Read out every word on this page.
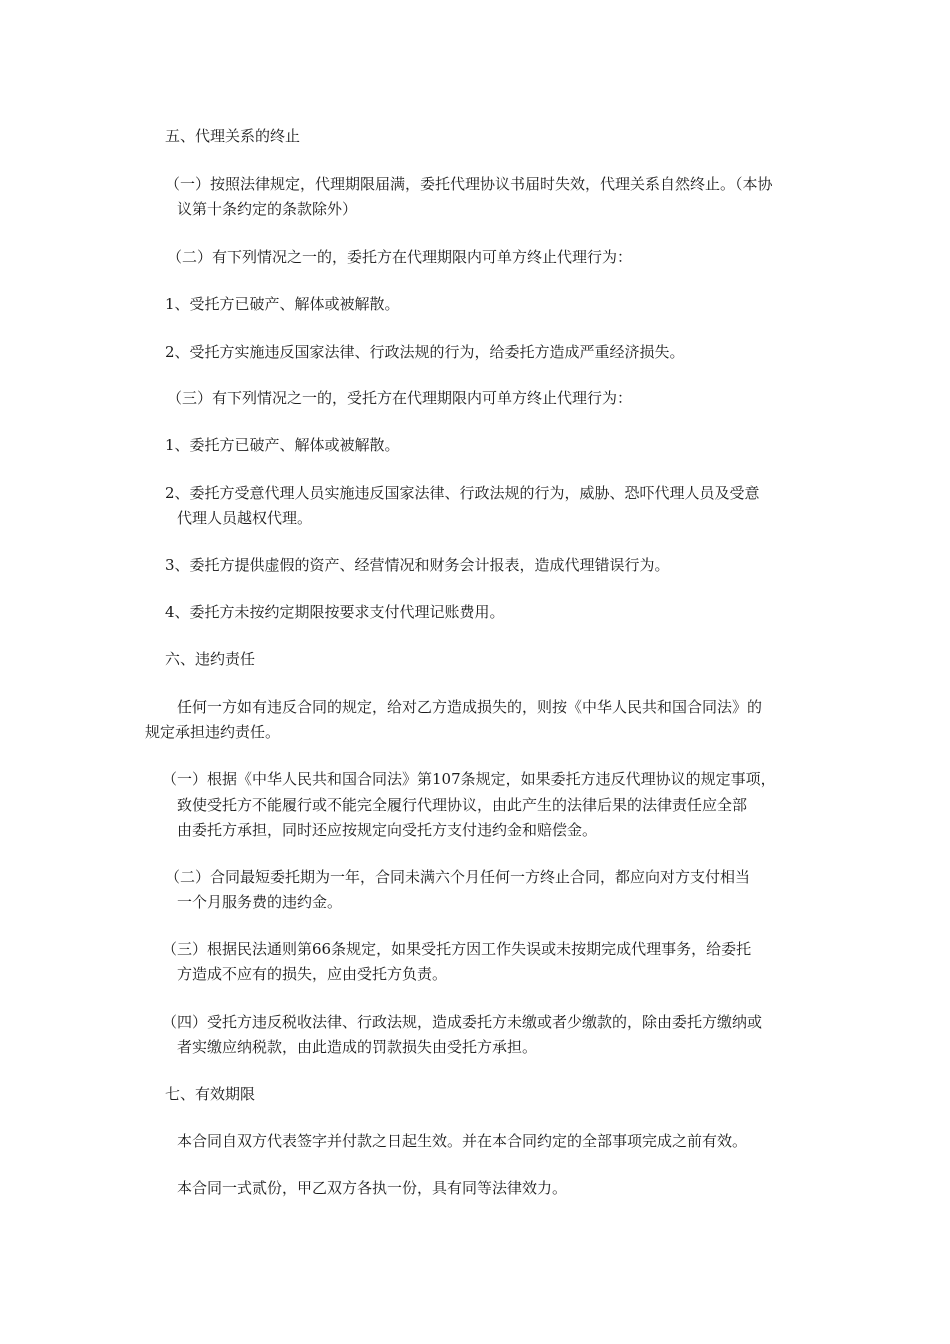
五、代理关系的终止
（一）按照法律规定，代理期限届满，委托代理协议书届时失效，代理关系自然终止。（本协
议第十条约定的条款除外）
（二）有下列情况之一的，委托方在代理期限内可单方终止代理行为：
1、受托方已破产、解体或被解散。
2、受托方实施违反国家法律、行政法规的行为，给委托方造成严重经济损失。
（三）有下列情况之一的，受托方在代理期限内可单方终止代理行为：
1、委托方已破产、解体或被解散。
2、委托方受意代理人员实施违反国家法律、行政法规的行为，威胁、恐吓代理人员及受意
代理人员越权代理。
3、委托方提供虚假的资产、经营情况和财务会计报表，造成代理错误行为。
4、委托方未按约定期限按要求支付代理记账费用。
六、违约责任
任何一方如有违反合同的规定，给对乙方造成损失的，则按《中华人民共和国合同法》的
规定承担违约责任。
（一）根据《中华人民共和国合同法》第107条规定，如果委托方违反代理协议的规定事项，
致使受托方不能履行或不能完全履行代理协议，由此产生的法律后果的法律责任应全部
由委托方承担，同时还应按规定向受托方支付违约金和赔偿金。
（二）合同最短委托期为一年，合同未满六个月任何一方终止合同，都应向对方支付相当
一个月服务费的违约金。
（三）根据民法通则第66条规定，如果受托方因工作失误或未按期完成代理事务，给委托
方造成不应有的损失，应由受托方负责。
（四）受托方违反税收法律、行政法规，造成委托方未缴或者少缴款的，除由委托方缴纳或
者实缴应纳税款，由此造成的罚款损失由受托方承担。
七、有效期限
本合同自双方代表签字并付款之日起生效。并在本合同约定的全部事项完成之前有效。
本合同一式贰份，甲乙双方各执一份，具有同等法律效力。
